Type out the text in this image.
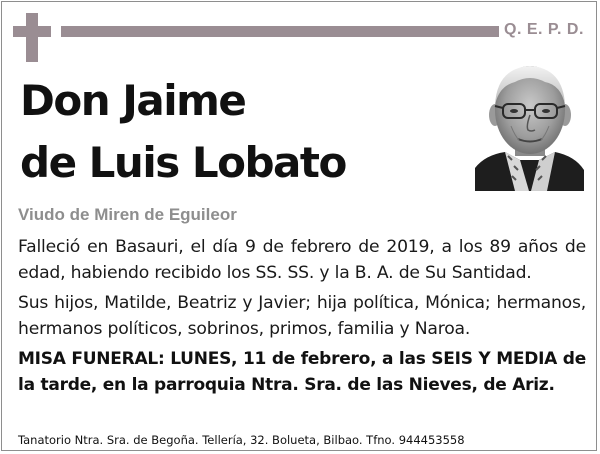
Q. E. P. D.
Don Jaime
de Luis Lobato
Viudo de Miren de Eguileor

Falleció en Basauri, el día 9 de febrero de 2019, a los 89 años de edad, habiendo recibido los SS. SS. y la B. A. de Su Santidad.

Sus hijos, Matilde, Beatriz y Javier; hija política, Mónica; hermanos, hermanos políticos, sobrinos, primos, familia y Naroa.

MISA FUNERAL: LUNES, 11 de febrero, a las SEIS Y MEDIA de la tarde, en la parroquia Ntra. Sra. de las Nieves, de Ariz.

Tanatorio Ntra. Sra. de Begoña. Tellería, 32. Bolueta, Bilbao. Tfno. 944453558
